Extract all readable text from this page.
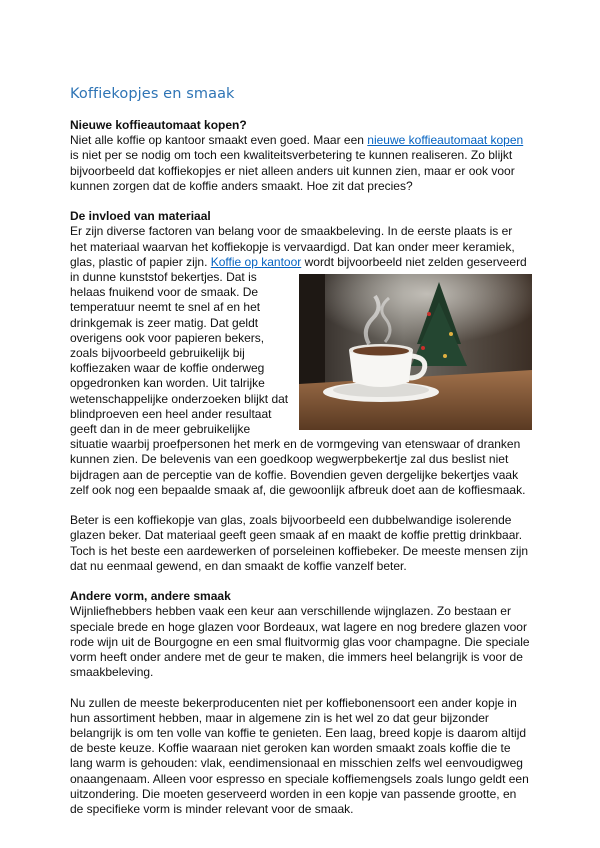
Koffiekopjes en smaak

Nieuwe koffieautomaat kopen?

Niet alle koffie op kantoor smaakt even goed. Maar een nieuwe koffieautomaat kopen is niet per se nodig om toch een kwaliteitsverbetering te kunnen realiseren. Zo blijkt bijvoorbeeld dat koffiekopjes er niet alleen anders uit kunnen zien, maar er ook voor kunnen zorgen dat de koffie anders smaakt. Hoe zit dat precies?

De invloed van materiaal

Er zijn diverse factoren van belang voor de smaakbeleving. In de eerste plaats is er het materiaal waarvan het koffiekopje is vervaardigd. Dat kan onder meer keramiek, glas, plastic of papier zijn. Koffie op kantoor
wordt bijvoorbeeld niet zelden geserveerd in dunne kunststof bekertjes. Dat is helaas fnuikend voor de smaak. De temperatuur neemt te snel af en het drinkgemak is zeer matig. Dat geldt overigens ook voor papieren bekers, zoals bijvoorbeeld gebruikelijk bij koffiezaken waar de koffie onderweg opgedronken kan worden. Uit talrijke wetenschappelijke onderzoeken blijkt dat blindproeven een heel ander resultaat geeft dan in de meer gebruikelijke situatie waarbij proefpersonen het merk en de vormgeving van etenswaar of dranken kunnen zien. De belevenis van een goedkoop wegwerpbekertje zal dus beslist niet bijdragen aan de perceptie van de koffie. Bovendien geven dergelijke bekertjes vaak zelf ook nog een bepaalde smaak af, die gewoonlijk afbreuk doet aan de koffiesmaak.

Beter is een koffiekopje van glas, zoals bijvoorbeeld een dubbelwandige isolerende glazen beker. Dat materiaal geeft geen smaak af en maakt de koffie prettig drinkbaar. Toch is het beste een aardewerken of porseleinen koffiebeker. De meeste mensen zijn dat nu eenmaal gewend, en dan smaakt de koffie vanzelf beter.

Andere vorm, andere smaak

Wijnliefhebbers hebben vaak een keur aan verschillende wijnglazen. Zo bestaan er speciale brede en hoge glazen voor Bordeaux, wat lagere en nog bredere glazen voor rode wijn uit de Bourgogne en een smal fluitvormig glas voor champagne. Die speciale vorm heeft onder andere met de geur te maken, die immers heel belangrijk is voor de smaakbeleving.

Nu zullen de meeste bekerproducenten niet per koffiebonensoort een ander kopje in hun assortiment hebben, maar in algemene zin is het wel zo dat geur bijzonder belangrijk is om ten volle van koffie te genieten. Een laag, breed kopje is daarom altijd de beste keuze. Koffie waaraan niet geroken kan worden smaakt zoals koffie die te lang warm is gehouden: vlak, eendimensionaal en misschien zelfs wel eenvoudigweg onaangenaam. Alleen voor espresso en speciale koffiemengsels zoals lungo geldt een uitzondering. Die moeten geserveerd worden in een kopje van passende grootte, en de specifieke vorm is minder relevant voor de smaak.
